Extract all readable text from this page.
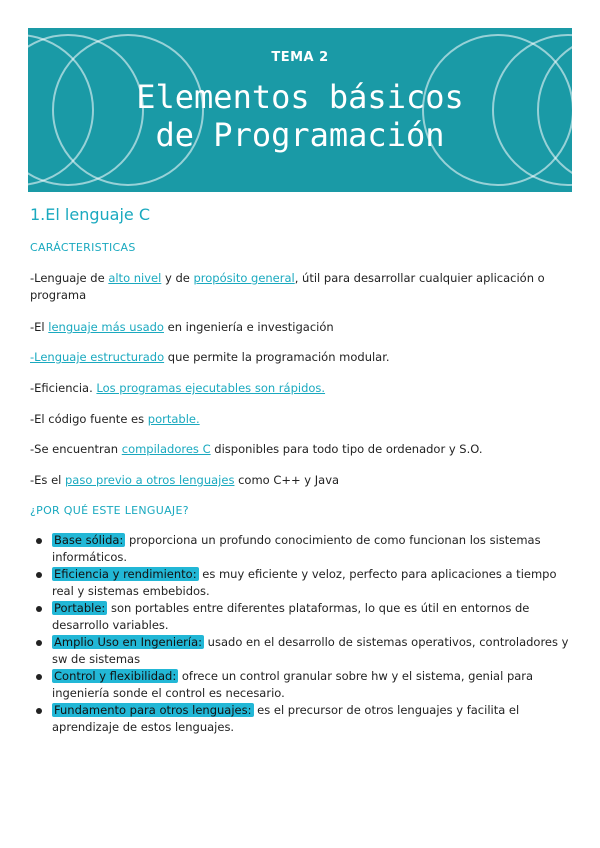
TEMA 2
Elementos básicos
de Programación
1.El lenguaje C
CARÁCTERISTICAS
-Lenguaje de alto nivel y de propósito general, útil para desarrollar cualquier aplicación o programa
-El lenguaje más usado en ingeniería e investigación
-Lenguaje estructurado que permite la programación modular.
-Eficiencia. Los programas ejecutables son rápidos.
-El código fuente es portable.
-Se encuentran compiladores C disponibles para todo tipo de ordenador y S.O.
-Es el paso previo a otros lenguajes como C++ y Java
¿POR QUÉ ESTE LENGUAJE?
Base sólida: proporciona un profundo conocimiento de como funcionan los sistemas informáticos.
Eficiencia y rendimiento: es muy eficiente y veloz, perfecto para aplicaciones a tiempo real y sistemas embebidos.
Portable: son portables entre diferentes plataformas, lo que es útil en entornos de desarrollo variables.
Amplio Uso en Ingeniería: usado en el desarrollo de sistemas operativos, controladores y sw de sistemas
Control y flexibilidad: ofrece un control granular sobre hw y el sistema, genial para ingeniería sonde el control es necesario.
Fundamento para otros lenguajes: es el precursor de otros lenguajes y facilita el aprendizaje de estos lenguajes.
